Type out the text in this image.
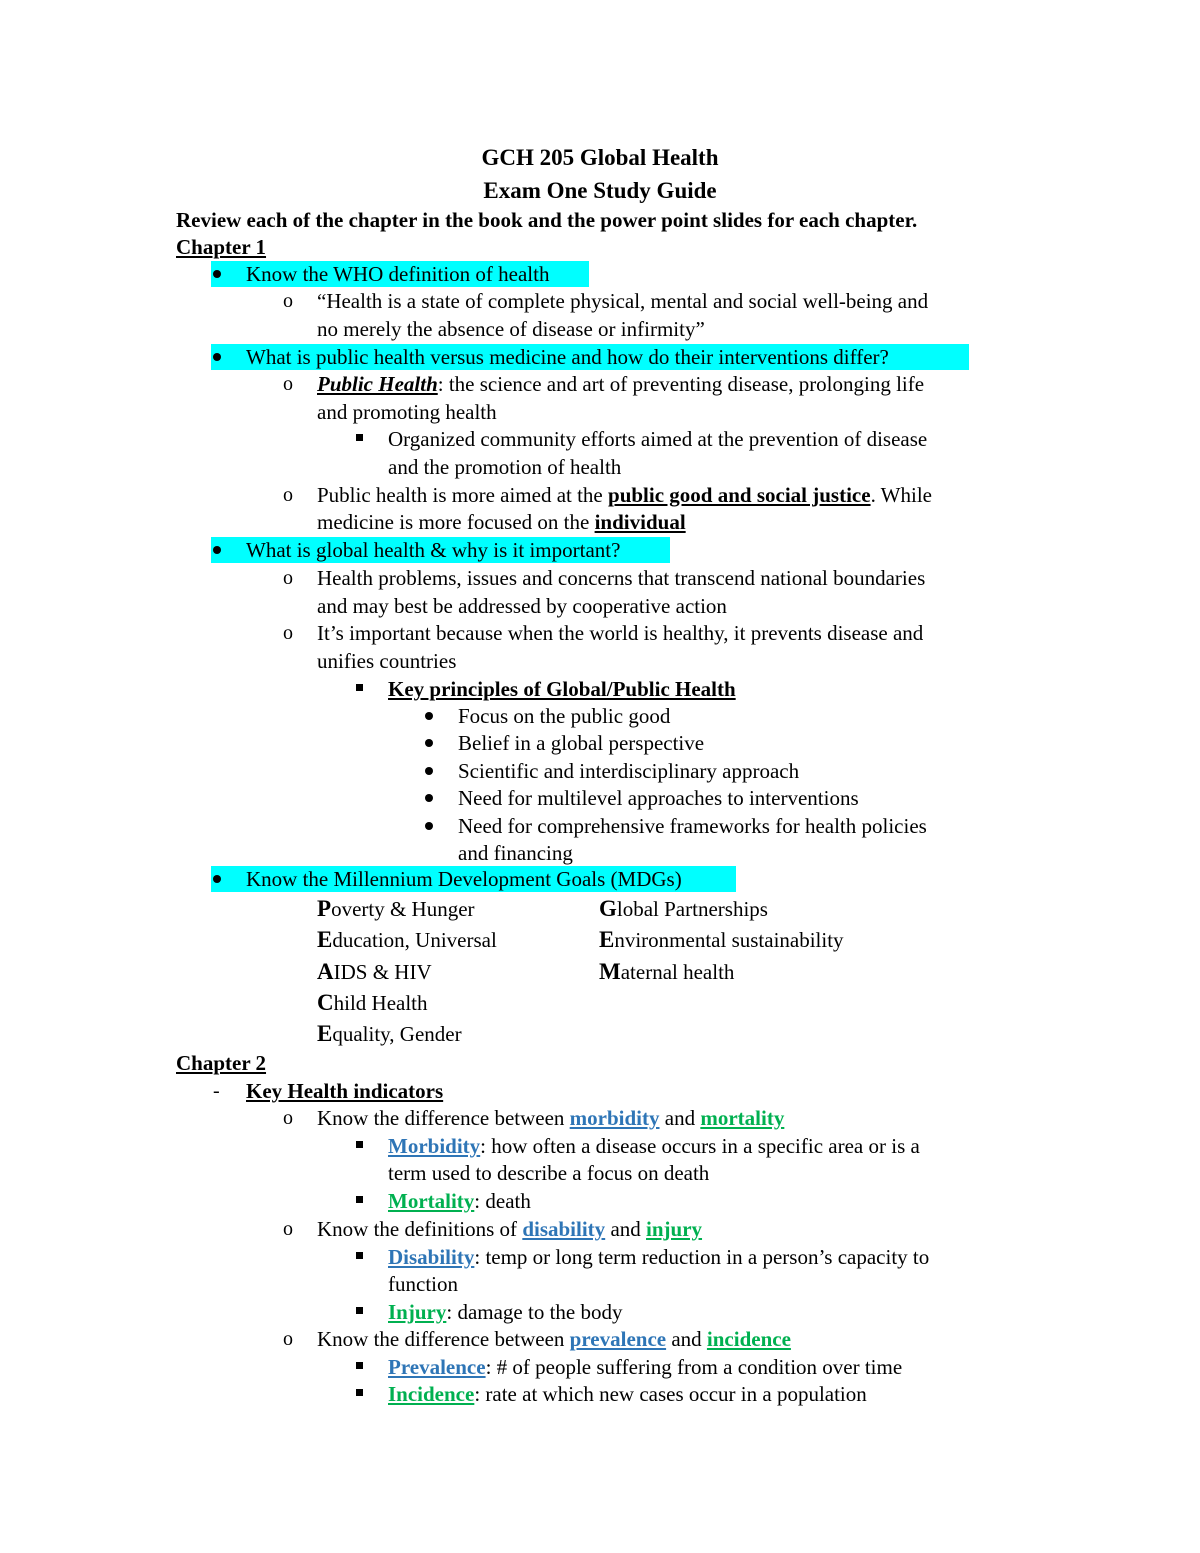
GCH 205 Global Health
Exam One Study Guide
Review each of the chapter in the book and the power point slides for each chapter.
Chapter 1
Know the WHO definition of health
o “Health is a state of complete physical, mental and social well-being and
no merely the absence of disease or infirmity”
What is public health versus medicine and how do their interventions differ?
o Public Health: the science and art of preventing disease, prolonging life
and promoting health
Organized community efforts aimed at the prevention of disease
and the promotion of health
o Public health is more aimed at the public good and social justice. While
medicine is more focused on the individual
What is global health & why is it important?
o Health problems, issues and concerns that transcend national boundaries
and may best be addressed by cooperative action
o It’s important because when the world is healthy, it prevents disease and
unifies countries
Key principles of Global/Public Health
Focus on the public good
Belief in a global perspective
Scientific and interdisciplinary approach
Need for multilevel approaches to interventions
Need for comprehensive frameworks for health policies
and financing
Know the Millennium Development Goals (MDGs)
Poverty & Hunger
Education, Universal
AIDS & HIV
Child Health
Equality, Gender
Global Partnerships
Environmental sustainability
Maternal health
Chapter 2
- Key Health indicators
o Know the difference between morbidity and mortality
Morbidity: how often a disease occurs in a specific area or is a
term used to describe a focus on death
Mortality: death
o Know the definitions of disability and injury
Disability: temp or long term reduction in a person’s capacity to
function
Injury: damage to the body
o Know the difference between prevalence and incidence
Prevalence: # of people suffering from a condition over time
Incidence: rate at which new cases occur in a population
